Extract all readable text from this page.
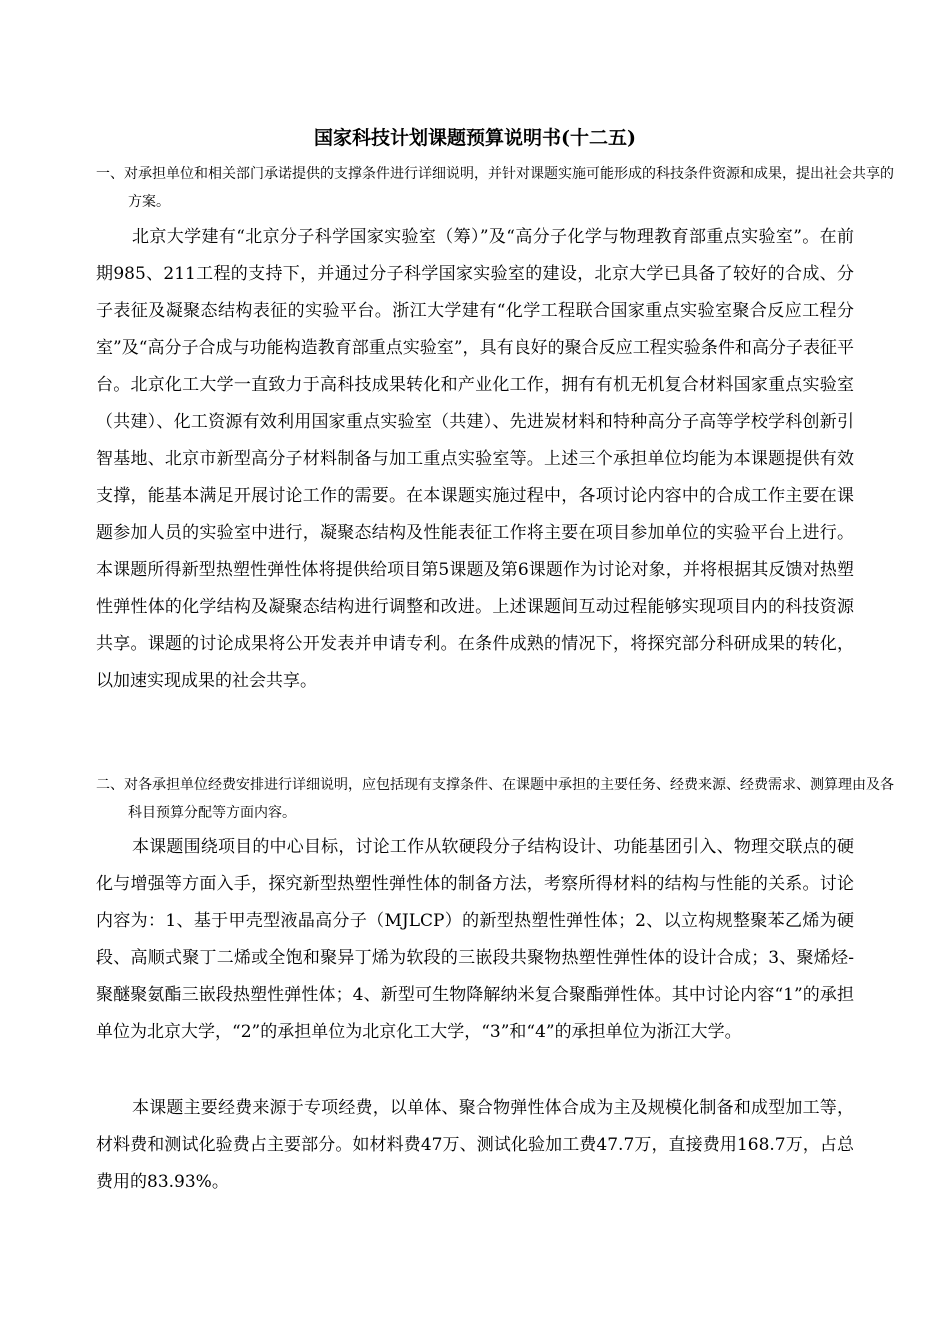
国家科技计划课题预算说明书(十二五)

一、对承担单位和相关部门承诺提供的支撑条件进行详细说明，并针对课题实施可能形成的科技条件资源和成果，提出社会共享的方案。

北京大学建有“北京分子科学国家实验室（筹）”及“高分子化学与物理教育部重点实验室”。在前期985、211工程的支持下，并通过分子科学国家实验室的建设，北京大学已具备了较好的合成、分子表征及凝聚态结构表征的实验平台。浙江大学建有“化学工程联合国家重点实验室聚合反应工程分室”及“高分子合成与功能构造教育部重点实验室”，具有良好的聚合反应工程实验条件和高分子表征平台。北京化工大学一直致力于高科技成果转化和产业化工作，拥有有机无机复合材料国家重点实验室（共建）、化工资源有效利用国家重点实验室（共建）、先进炭材料和特种高分子高等学校学科创新引智基地、北京市新型高分子材料制备与加工重点实验室等。上述三个承担单位均能为本课题提供有效支撑，能基本满足开展讨论工作的需要。在本课题实施过程中，各项讨论内容中的合成工作主要在课题参加人员的实验室中进行，凝聚态结构及性能表征工作将主要在项目参加单位的实验平台上进行。本课题所得新型热塑性弹性体将提供给项目第5课题及第6课题作为讨论对象，并将根据其反馈对热塑性弹性体的化学结构及凝聚态结构进行调整和改进。上述课题间互动过程能够实现项目内的科技资源共享。课题的讨论成果将公开发表并申请专利。在条件成熟的情况下，将探究部分科研成果的转化，以加速实现成果的社会共享。

二、对各承担单位经费安排进行详细说明，应包括现有支撑条件、在课题中承担的主要任务、经费来源、经费需求、测算理由及各科目预算分配等方面内容。

本课题围绕项目的中心目标，讨论工作从软硬段分子结构设计、功能基团引入、物理交联点的硬化与增强等方面入手，探究新型热塑性弹性体的制备方法，考察所得材料的结构与性能的关系。讨论内容为：1、基于甲壳型液晶高分子（MJLCP）的新型热塑性弹性体；2、以立构规整聚苯乙烯为硬段、高顺式聚丁二烯或全饱和聚异丁烯为软段的三嵌段共聚物热塑性弹性体的设计合成；3、聚烯烃-聚醚聚氨酯三嵌段热塑性弹性体；4、新型可生物降解纳米复合聚酯弹性体。其中讨论内容“1”的承担单位为北京大学，“2”的承担单位为北京化工大学，“3”和“4”的承担单位为浙江大学。

本课题主要经费来源于专项经费，以单体、聚合物弹性体合成为主及规模化制备和成型加工等，材料费和测试化验费占主要部分。如材料费47万、测试化验加工费47.7万，直接费用168.7万，占总费用的83.93%。
